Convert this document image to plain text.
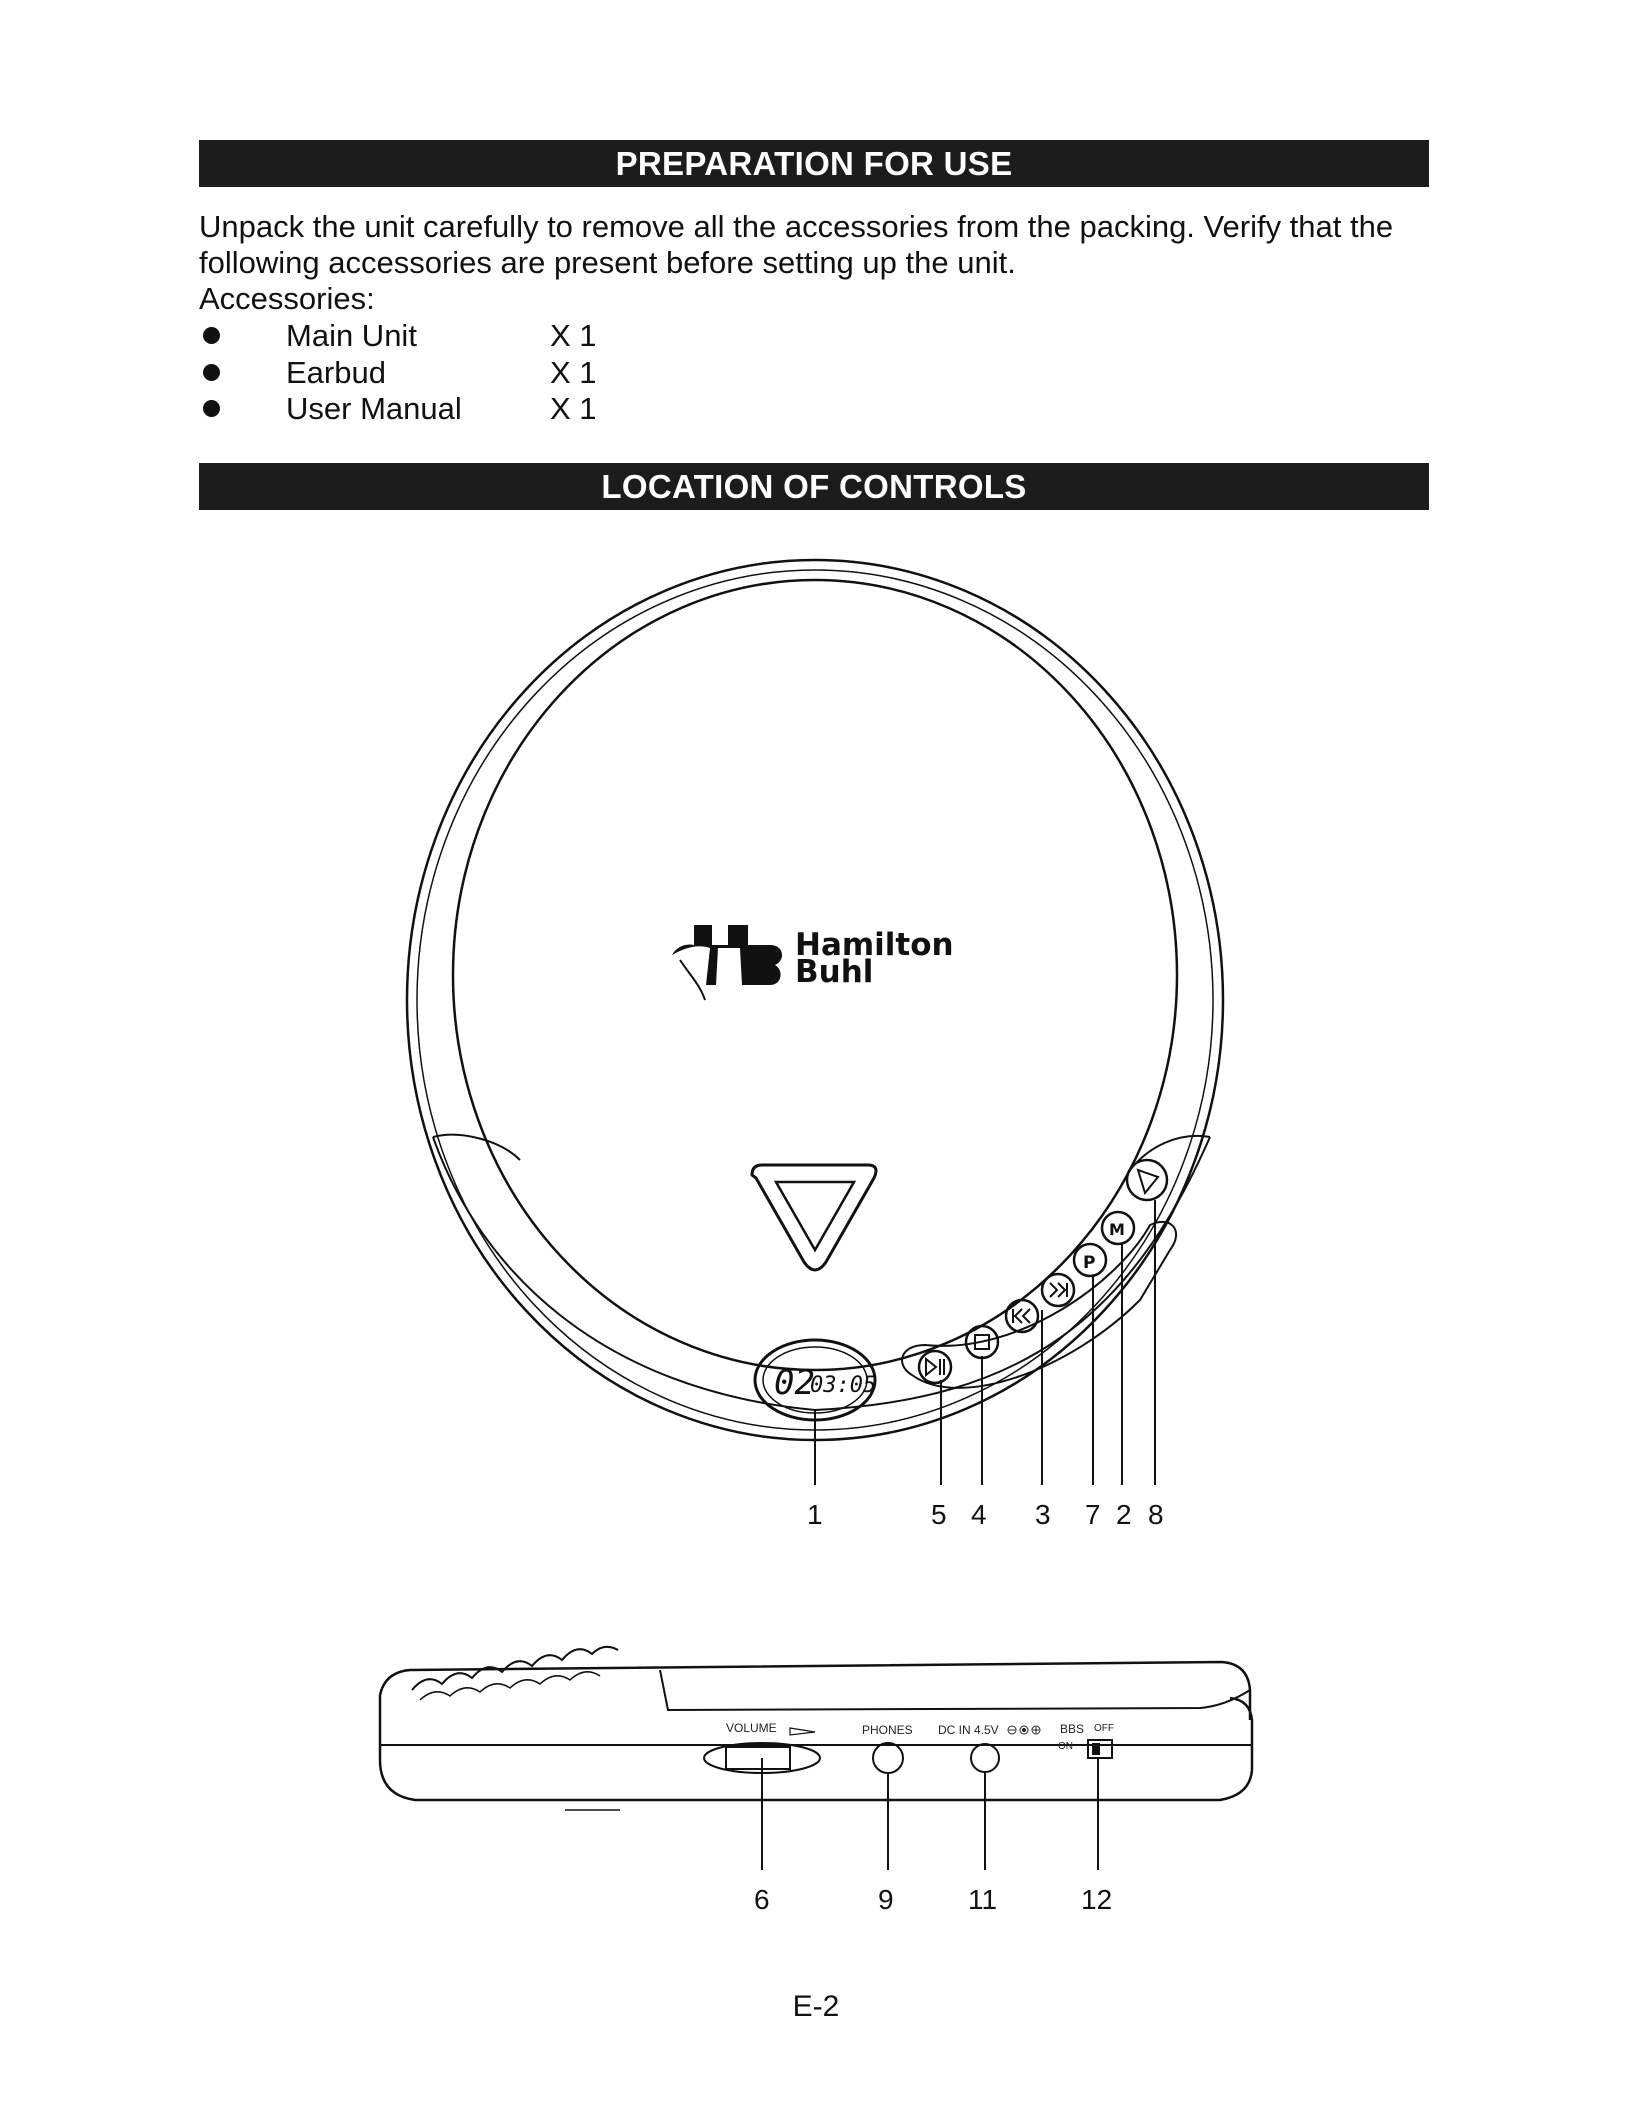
PREPARATION FOR USE
Unpack the unit carefully to remove all the accessories from the packing. Verify that the
following accessories are present before setting up the unit.
Accessories:
Main Unit	X 1
Earbud	X 1
User Manual	X 1
LOCATION OF CONTROLS
Hamilton
Buhl
02
03:05
P
M
1	5 4 3 7 2 8
VOLUME	PHONES DC IN 4.5V	BBS OFF
ON
6	9	11	12
E-2
